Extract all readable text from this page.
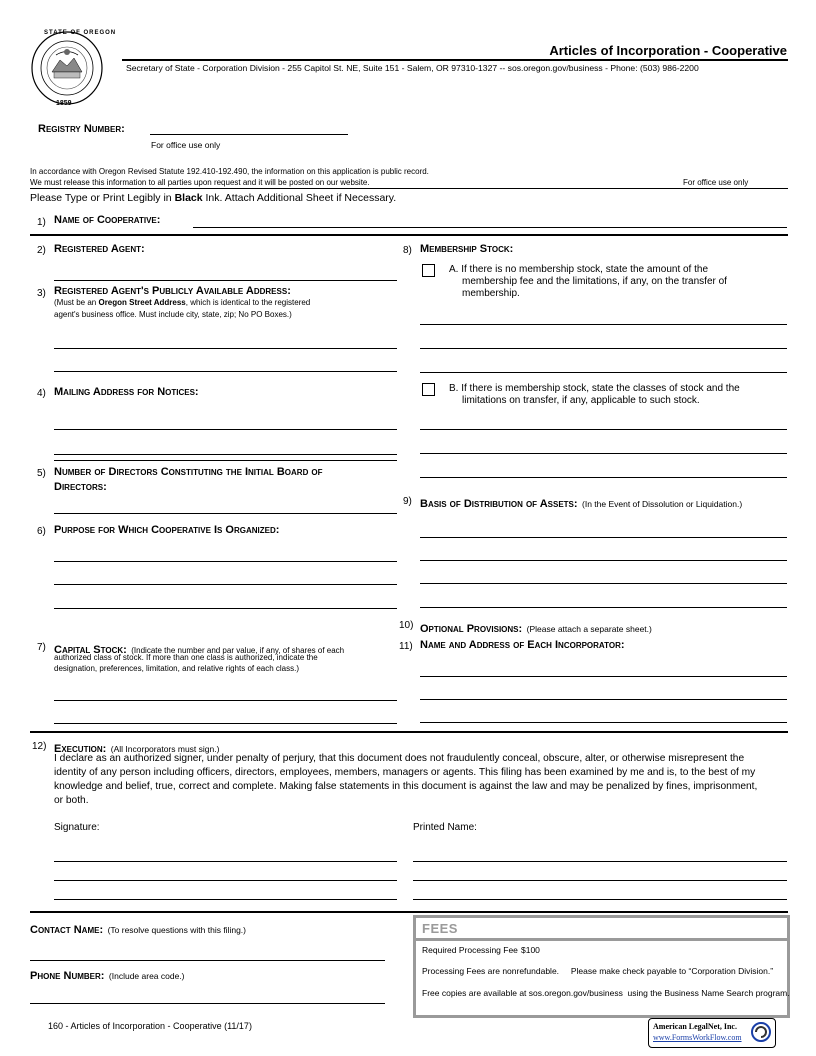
STATE OF OREGON
1859
Articles of Incorporation - Cooperative
Secretary of State - Corporation Division - 255 Capitol St. NE, Suite 151 - Salem, OR 97310-1327 -- sos.oregon.gov/business - Phone: (503) 986-2200
Registry Number:
For office use only
In accordance with Oregon Revised Statute 192.410-192.490, the information on this application is public record.
We must release this information to all parties upon request and it will be posted on our website.	For office use only
Please Type or Print Legibly in Black Ink. Attach Additional Sheet if Necessary.
1) Name of Cooperative:
2) Registered Agent:
3) Registered Agent's Publicly Available Address:
(Must be an Oregon Street Address, which is identical to the registered
agent's business office. Must include city, state, zip; No PO Boxes.)
4) Mailing Address for Notices:
5) Number of Directors Constituting the Initial Board of
Directors:
6) Purpose for Which Cooperative Is Organized:
7) Capital Stock: (Indicate the number and par value, if any, of shares of each
authorized class of stock. If more than one class is authorized, indicate the
designation, preferences, limitation, and relative rights of each class.)
8) Membership Stock:
A. If there is no membership stock, state the amount of the
membership fee and the limitations, if any, on the transfer of
membership.
B. If there is membership stock, state the classes of stock and the
limitations on transfer, if any, applicable to such stock.
9) Basis of Distribution of Assets: (In the Event of Dissolution or Liquidation.)
10) Optional Provisions: (Please attach a separate sheet.)
11) Name and Address of Each Incorporator:
12) Execution: (All Incorporators must sign.)
I declare as an authorized signer, under penalty of perjury, that this document does not fraudulently conceal, obscure, alter, or otherwise misrepresent the
identity of any person including officers, directors, employees, members, managers or agents. This filing has been examined by me and is, to the best of my
knowledge and belief, true, correct and complete. Making false statements in this document is against the law and may be penalized by fines, imprisonment,
or both.
Signature:	Printed Name:
Contact Name: (To resolve questions with this filing.)
Phone Number: (Include area code.)
FEES
Required Processing Fee $100
Processing Fees are nonrefundable.     Please make check payable to “Corporation Division.”
Free copies are available at sos.oregon.gov/business  using the Business Name Search program.
160 - Articles of Incorporation - Cooperative (11/17)	American LegalNet, Inc.
www.FormsWorkFlow.com
